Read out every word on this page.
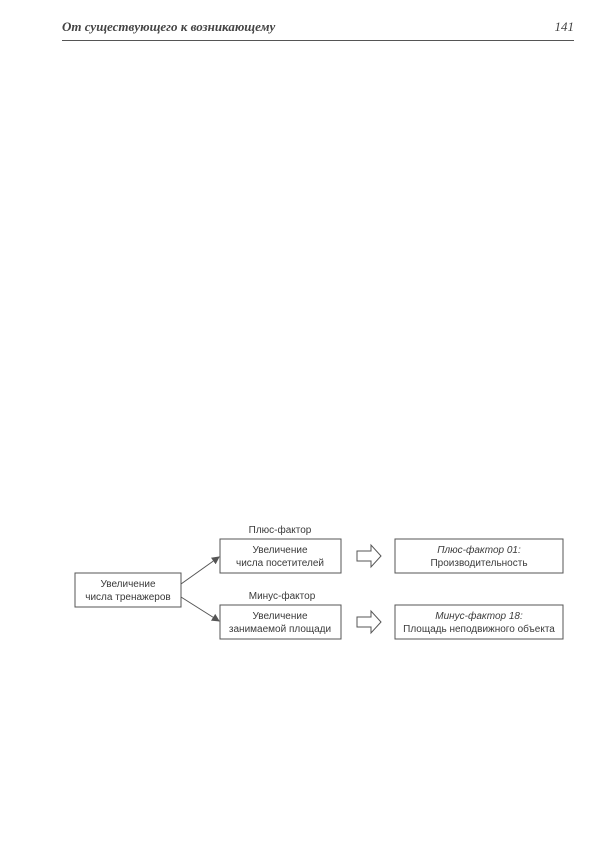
От существующего к возникающему	141
Увеличение
числа тренажеров
Плюс-фактор
Увеличение
числа посетителей
Плюс-фактор 01:
Производительность
Минус-фактор
Увеличение
занимаемой площади
Минус-фактор 18:
Площадь неподвижного объекта
